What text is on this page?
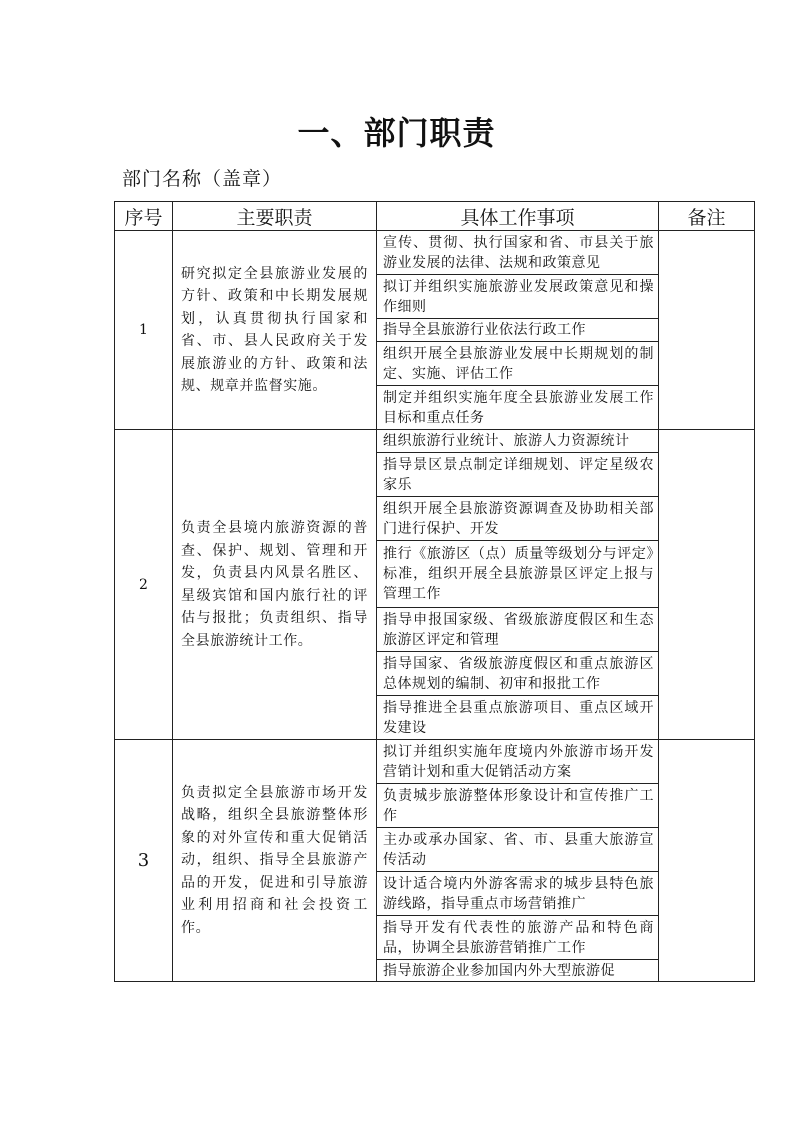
一、部门职责
部门名称（盖章）
序号	主要职责	具体工作事项	备注
1	研究拟定全县旅游业发展的方针、政策和中长期发展规划，认真贯彻执行国家和省、市、县人民政府关于发展旅游业的方针、政策和法规、规章并监督实施。	宣传、贯彻、执行国家和省、市县关于旅游业发展的法律、法规和政策意见	
		拟订并组织实施旅游业发展政策意见和操作细则	
		指导全县旅游行业依法行政工作	
		组织开展全县旅游业发展中长期规划的制定、实施、评估工作	
		制定并组织实施年度全县旅游业发展工作目标和重点任务	
2	负责全县境内旅游资源的普查、保护、规划、管理和开发，负责县内风景名胜区、星级宾馆和国内旅行社的评估与报批；负责组织、指导全县旅游统计工作。	组织旅游行业统计、旅游人力资源统计	
		指导景区景点制定详细规划、评定星级农家乐	
		组织开展全县旅游资源调查及协助相关部门进行保护、开发	
		推行《旅游区（点）质量等级划分与评定》标准，组织开展全县旅游景区评定上报与管理工作	
		指导申报国家级、省级旅游度假区和生态旅游区评定和管理	
		指导国家、省级旅游度假区和重点旅游区总体规划的编制、初审和报批工作	
		指导推进全县重点旅游项目、重点区域开发建设	
3	负责拟定全县旅游市场开发战略，组织全县旅游整体形象的对外宣传和重大促销活动，组织、指导全县旅游产品的开发，促进和引导旅游业利用招商和社会投资工作。	拟订并组织实施年度境内外旅游市场开发营销计划和重大促销活动方案	
		负责城步旅游整体形象设计和宣传推广工作	
		主办或承办国家、省、市、县重大旅游宣传活动	
		设计适合境内外游客需求的城步县特色旅游线路，指导重点市场营销推广	
		指导开发有代表性的旅游产品和特色商品，协调全县旅游营销推广工作	

		指导旅游企业参加国内外大型旅游促	
